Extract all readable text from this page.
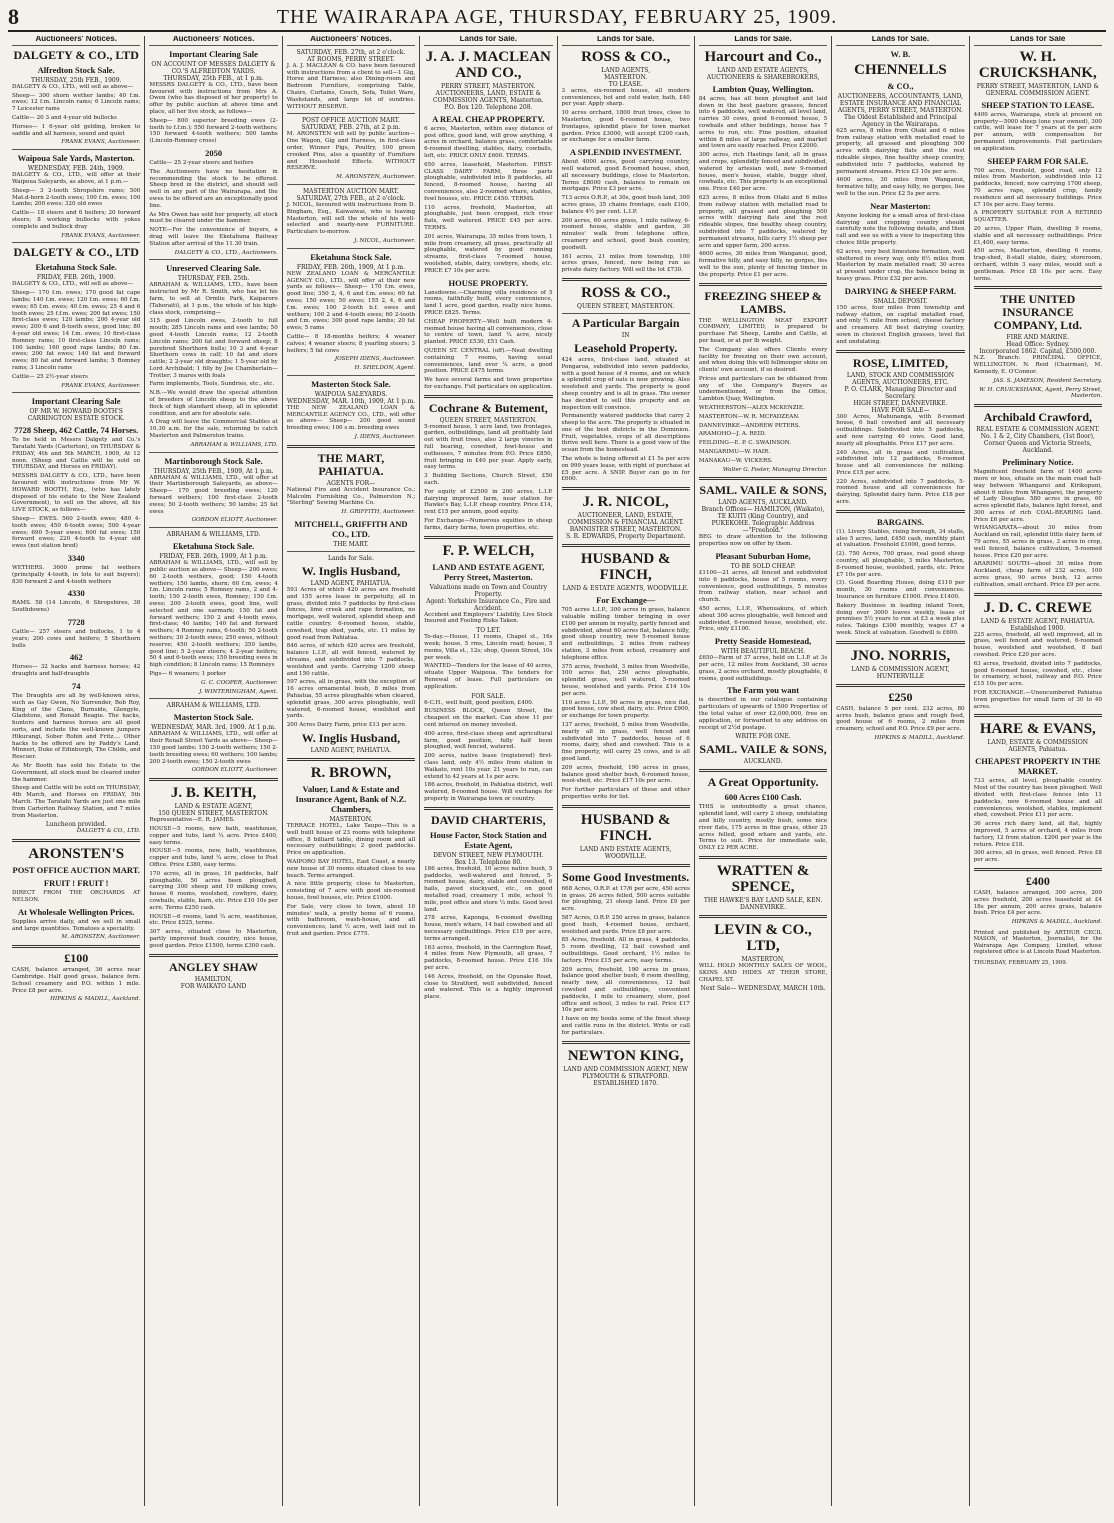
8	THE WAIRARAPA AGE, THURSDAY, FEBRUARY 25, 1909.
Auctioneers' Notices.
DALGETY & CO., LTD
Alfredton Stock Sale.
THURSDAY, 25th FEB., 1909.
DALGETY & CO., LTD., will sell as above—
Sheep— 300 shorn wether lambs; 40 f.m. ewes; 12 f.m. Lincoln rams; 6 Lincoln rams; 7 Leicester rams
Cattle— 20 3 and 4-year old bullocks
Horses— 1 6-year old gelding, broken to saddle and all harness, sound and quiet
FRANK EVANS, Auctioneer.
Waipoua Sale Yards, Masterton.
WEDNESDAY, FEB. 24th, 1909.
DALGETY & CO., LTD., will offer at their Waipoua Saleyards, as above, at 1 p.m.—
Sheep— 3 2-tooth Shropshire rams; 500 Mat.d-horn 2-tooth ewes; 100 f.m. ewes; 100 Lambs; 200 ewes; 320 old ewes
Cattle— 18 steers and 6 heifers; 20 forward steers; 8 working bullocks with yokes complete and bullock dray
FRANK EVANS, Auctioneer.
DALGETY & CO., LTD
Eketahuna Stock Sale.
FRIDAY, FEB. 26th, 1909.
DALGETY & CO., LTD., will sell as above—
Sheep— 170 f.m. ewes; 170 good fat cape lambs; 140 f.m. ewes; 120 f.m. ewes; 60 f.m. ewes; 65 f.m. ewes; 40 f.m. ewes; 25 4 and 6 tooth ewes; 25 f.f.m. ewes; 200 fat ewes; 150 first-class ewes; 120 lambs; 200 4-year old ewes; 200 6 and 8-tooth ewes, good line; 80 4-year old ewes; 14 f.m. ewes; 10 first-class Romney rams; 10 first-class Lincoln rams; 100 lambs; 160 good rape lambs; 80 f.m. ewes; 200 fat ewes; 140 fat and forward ewes; 80 fat and forward lambs; 5 Romney rams; 3 Lincoln rams
Cattle— 25 2½-year steers
FRANK EVANS, Auctioneer.
Important Clearing Sale
OF MR W. HOWARD BOOTH'S CARRINGTON ESTATE STOCK.
7728 Sheep, 462 Cattle, 74 Horses.
To be held in Messrs Dalgety and Co.'s Taratahi Yards (Carterton), on THURSDAY & FRIDAY, 4th and 5th MARCH, 1909, At 12 noon. (Sheep and Cattle will be sold on THURSDAY, and Horses on FRIDAY).
MESSRS DALGETY & CO., LTD., have been favoured with instructions from Mr W. HOWARD BOOTH, Esq., (who has lately disposed of his estate to the New Zealand Government), to sell on the above, all his LIVE STOCK, as follows—
Sheep— EWES. 560 2-tooth ewes; 480 4-tooth ewes; 450 6-tooth ewes; 500 4-year ewes; 690 5-year ewes; 600 fat ewes; 150 forward ewes; 220 4-tooth to 4-year old ewes (not station bred)
3340
WETHERS. 3600 prime fat wethers (principally 4-tooth, in lots to suit buyers); 830 forward 2 and 4-tooth wethers
4330
RAMS. 58 (14 Lincoln, 6 Shropshires, 38 Southdowns)
7728
Cattle— 257 steers and bullocks, 1 to 4 years; 200 cows and heifers; 5 Shorthorn bulls
462
Horses— 32 hacks and harness horses; 42 draughts and half-draughts
74
The Draughts are all by well-known sires, such as Gay Gwen, No Surrender, Bob Roy, King of the Clans, Burnside, Glengyle, Gladstone, and Ronald Reagie. The hacks, hunters and harness horses are all good sorts, and include the well-known jumpers Hikurangi, Sober Robin and Fritz.... Other hacks to be offered are by Paddy's Land, Minneri, Duke of Edinburgh, The Childe, and Rescuer.
As Mr Booth has sold his Estate to the Government, all stock must be cleared under the hammer.
Sheep and Cattle will be sold on THURSDAY, 4th March, and Horses on FRIDAY, 5th March. The Taratahi Yards are just one mile from Carterton Railway Station, and 7 miles from Masterton.
Luncheon provided.
DALGETY & CO., LTD.
ARONSTEN'S
POST OFFICE AUCTION MART.
FRUIT ! FRUIT !
DIRECT FROM THE ORCHARDS AT NELSON.
At Wholesale Wellington Prices.
Supplies arrive daily, and we sell in small and large quantities. Tomatoes a speciality.
M. ARONSTEN, Auctioneer.
£100
CASH, balance arranged, 36 acres near Cambridge. Half good grass, balance fern. School creamery and P.O. within 1 mile. Price £8 per acre.
HIPKINS & MADILL, Auckland.
Auctioneers' Notices.
Important Clearing Sale
ON ACCOUNT OF MESSES DALGETY & CO.'S ALFREDTON YARDS.
THURSDAY, 25th FEB., at 1 p.m.
MESSRS DALGETY & CO., LTD., have been favoured with instructions from Mrs A. Owen (who has disposed of her property) to offer by public auction at above time and place, all her live stock, as follows—
Sheep— 800 superior breeding ewes (2-tooth to f.f.m.); 550 forward 2-tooth wethers; 150 forward 4-tooth wethers; 500 lambs (Lincoln-Romney cross)
2050
Cattle— 25 2-year steers and heifers
The Auctioneers have no hesitation in recommending the stock to be offered. Sheep bred in the district, and should sell well in any part of the Wairarapa, and the ewes to be offered are an exceptionally good line.
As Mrs Owen has sold her property, all stock must be cleared under the hammer.
NOTE—For the convenience of buyers, a drag will leave the Eketahuna Railway Station after arrival of the 11.30 train.
DALGETY & CO., LTD., Auctioneers.
Unreserved Clearing Sale.
THURSDAY, FEB. 25th.
ABRAHAM & WILLIAMS, LTD., have been instructed by Mr R. Smith, who has let his farm, to sell at Ormlie Park, Kaiparoro (Tahoraiti), at 1 p.m., the whole of his high-class stock, comprising—
315 good Lincoln ewes, 2-tooth to full mouth; 285 Lincoln rams and ewe lambs; 50 good 4-tooth Lincoln rams; 12 2-tooth Lincoln rams; 200 fat and forward sheep; 8 purebred Shorthorn bulls; 10 3 and 4-year Shorthorn cows in calf; 10 fat and store cattle; 2 2-year old draughts; 1 5-year old by Lord Archibald; 1 filly by Joe Chamberlain—Trotter; 3 mares with foals
Farm implements, Tools, Sundries, etc., etc.
N.B.—We would draw the special attention of breeders of Lincoln sheep to the above flock of high standard sheep, all in splendid condition, and are for absolute sale.
A Drag will leave the Commercial Stables at 10.30 a.m. for the sale, returning to catch Masterton and Palmerston trains.
ABRAHAM & WILLIAMS, LTD.
Martinborough Stock Sale.
THURSDAY, 25th FEB., 1909, At 1 p.m.
ABRAHAM & WILLIAMS, LTD., will offer at their Martinborough Saleyards, as above— Sheep— 170 good breeding ewes; 120 forward wethers; 100 first-class 2-tooth ewes; 50 2-tooth wethers; 50 lambs; 25 fat ewes
GORDON ELIOTT, Auctioneer.
ABRAHAM & WILLIAMS, LTD.
Eketahuna Stock Sale.
FRIDAY, FEB. 26th, 1909, At 1 p.m.
ABRAHAM & WILLIAMS, LTD., will sell by public auction as above— Sheep— 200 ewes; 60 2-tooth wethers, good; 150 4-tooth wethers; 150 lambs, shorn; 60 f.m. ewes; 4 f.m. Lincoln rams; 5 Romney rams, 2 and 4-tooth; 150 2-tooth ewes, Romney; 150 f.m. ewes; 200 2-tooth ewes, good line, well selected and one earmark; 150 fat and forward wethers; 150 2 and 4-tooth ewes, first-class; 40 lambs; 140 fat and forward wethers; 4 Romney rams, 6-tooth; 50 2-tooth wethers; 30 2-tooth ewes; 250 ewes, without reserve; 450 2-tooth wethers; 350 lambs, good line; 5 2-year steers; 4 2-year heifers; 50 4 and 6-tooth ewes; 150 breeding ewes in high condition; 8 Lincoln rams; 15 Romneys
Pigs— 6 weaners; 1 porker
G. C. COOPER, Auctioneer.
J. WINTERINGHAM, Agent.
ABRAHAM & WILLIAMS, LTD.
Masterton Stock Sale.
WEDNESDAY, MAR. 3rd, 1909. At 1 p.m.
ABRAHAM & WILLIAMS, LTD., will offer at their Renall Street Yards as above— Sheep— 150 good lambs; 150 2-tooth wethers; 150 2-tooth breeding ewes; 60 wethers; 100 lambs; 200 2-tooth ewes; 150 2-tooth ewes
GORDON ELIOTT, Auctioneer.
J. B. KEITH,
LAND & ESTATE AGENT,
150 QUEEN STREET, MASTERTON.
Representative—E. R. JAMES.
HOUSE—5 rooms, new bath, washhouse, copper and tubs, land ¼ acre. Price £400, easy terms.
HOUSE—5 rooms, new, bath, washhouse, copper and tubs, land ¼ acre, close to Post Office. Price £380, easy terms.
170 acres, all in grass, 16 paddocks, half ploughable, 50 acres been ploughed, carrying 300 sheep and 10 milking cows, house 6 rooms, woolshed, cowbyre, dairy, cowbails, stable, barn, etc. Price £10 10s per acre. Terms £250 cash.
HOUSE—6 rooms, land ¼ acre, washhouse, etc. Price £525, terms.
307 acres, situated close to Masterton, partly improved bush country, nice house, good garden. Price £1500, terms £300 cash.
ANGLEY SHAW
HAMILTON,
FOR WAIKATO LAND
Auctioneers' Notices.
SATURDAY, FEB. 27th, at 2 o'clock.
AT ROOMS, PERRY STREET.
J. A. J. MACLEAN & CO. have been favoured with instructions from a client to sell—1 Gig, Horse and Harness; also Dining-room and Bedroom Furniture, comprising Table, Chairs, Curtains, Couch, Sofa, Toilet Ware, Washstands, and large lot of sundries. WITHOUT RESERVE.
POST OFFICE AUCTION MART. SATURDAY, FEB. 27th, at 2 p.m.
M. ARONSTEN will sell by public auction—One Wagon, Gig and Harness, in first-class order, Winner Pigs, Poultry, 100 green crooked Pins, also a quantity of Furniture and Household Effects. WITHOUT RESERVE.
M. ARONSTEN, Auctioneer.
MASTERTON AUCTION MART. SATURDAY, 27th FEB., at 2 o'clock.
J. NICOL, favoured with instructions from D. Bingham, Esq., Kaiwaiwai, who is leaving Masterton, will sell the whole of his well-selected and nearly-new FURNITURE. Particulars to-morrow.
J. NICOL, Auctioneer.
Eketahuna Stock Sale.
FRIDAY, FEB. 26th, 1909, At 1 p.m.
NEW ZEALAND LOAN & MERCANTILE AGENCY CO., LTD., will offer at their new yards as follows— Sheep— 170 f.m. ewes, good line; 350 2, 4, 6 and f.m. ewes; 60 fat ewes; 150 ewes; 50 ewes; 155 2, 4, 6 and f.m. ewes; 100 2-tooth b.f. ewes and wethers; 100 2 and 4-tooth ewes; 60 2-tooth and f.m. ewes; 300 good rape lambs; 20 fat ewes; 5 rams
Cattle— 8 18-months heifers; 4 weaner calves; 4 weaner steers; 8 yearling steers; 3 heifers; 5 fat cows
JOSEPH IDENS, Auctioneer.
H. SHELDON, Agent.
Masterton Stock Sale.
WAIPOUA SALEYARDS.
WEDNESDAY, MAR. 10th, 1909, At 1 p.m.
THE NEW ZEALAND LOAN & MERCANTILE AGENCY CO., LTD., will offer as above— Sheep— 200 good sound breeding ewes; 100 s.m. breeding ewes
J. IDENS, Auctioneer.
THE MART, PAHIATUA.
AGENTS FOR—
National Fire and Accident Insurance Co.; Malcolm Furnishing Co., Palmerston N.; "Sterling" Sewing Machine Co.
H. GRIFFITH, Auctioneer.
MITCHELL, GRIFFITH AND CO., LTD.
THE MART.
Lands for Sale.
W. Inglis Husband,
LAND AGENT, PAHIATUA.
593 Acres of which 420 acres are freehold and 155 acres lease in perpetuity, all in grass, divided into 7 paddocks by first-class fences, lime creek and rape formation, no mortgage, well watered, splendid sheep and cattle country. 6-roomed house, stable, cowshed, trap shed, yards, etc. 11 miles by good road from Pahiatua.
846 acres, of which 420 acres are freehold, balance L.I.P., all well fenced, watered by streams, and subdivided into 7 paddocks, woolshed and yards. Carrying 1200 sheep and 150 cattle.
597 acres, all in grass, with the exception of 16 acres ornamental bush, 8 miles from Pahiatua, 55 acres ploughable when cleared, splendid grass, 300 acres ploughable, well watered, 6-roomed house, woolshed and yards.
200 Acres Dairy Farm, price £13 per acre.
W. Inglis Husband,
LAND AGENT, PAHIATUA.
R. BROWN,
Valuer, Land & Estate and Insurance Agent, Bank of N.Z. Chambers,
MASTERTON.
TERRACE HOTEL, Lake Taupo—This is a well built house of 23 rooms with telephone office, 8 billiard table, dining room and all necessary outbuildings; 2 good paddocks. Price on application.
WAIPORO BAY HOTEL, East Coast, a nearly new house of 30 rooms situated close to sea beach. Terms arranged.
A nice little property, close to Masterton, consisting of 7 acre with good six-roomed house, fowl houses, etc. Price £1000.
For Sale, very close to town, about 10 minutes' walk, a pretty home of 6 rooms, with bathroom, wash-house, and all conveniences, land ½ acre, well laid out in fruit and garden. Price £775.
Lands for Sale.
J. A. J. MACLEAN AND CO.,
PERRY STREET, MASTERTON.
AUCTIONEERS, LAND, ESTATE & COMMISSION AGENTS, Masterton.
P.O. Box 120. Telephone 208.
A REAL CHEAP PROPERTY.
6 acres, Masterton, within easy distance of post office, good land, will grow anything, 4 acres in orchard, balance grass, comfortable 6-roomed dwelling, stables, dairy, cowbails, loft, etc. PRICE ONLY £600. TERMS.
650 acres, leasehold, Masterton. FIRST-CLASS DAIRY FARM, three parts ploughable, subdivided into 8 paddocks, all fenced, 8-roomed house, having all conveniences, also 2-roomed whare, stables, fowl houses, etc. PRICE £450. TERMS.
110 acres, freehold, Masterton, all ploughable, just been cropped, rich river flats, well watered. PRICE £45 per acre. TERMS.
201 acres, Wairarapa, 35 miles from town, 1 mile from creamery, all grass, practically all ploughable, watered by good running streams, first-class 7-roomed house, woolshed, stable, dairy, cowbyre, sheds, etc. PRICE £7 10s per acre.
HOUSE PROPERTY.
Lansdowne.—Charming villa residence of 5 rooms, faithfully built, every convenience, land 1 acre, good garden, really nice home. PRICE £825. Terms.
CHEAP PROPERTY—Well built modern 4-roomed house having all conveniences, close to centre of town, land ¼ acre, nicely planted. PRICE £530, £51 Cash.
QUEEN ST. CENTRAL (off).—Neat dwelling containing 7 rooms, having usual conveniences, land over ¼ acre, a good position. PRICE £475 terms.
We have several farms and town properties for exchange. Full particulars on application.
Cochrane & Butement,
QUEEN STREET, MASTERTON.
5-roomed house, 1 acre land, two frontages, garden, outbuildings, land all profitably laid out with fruit trees, also 2 large vineries in full bearing, cowshed, fowl-house and outhouses, 7 minutes from P.O. Price £850, fruit bringing in £40 per year. Apply early, easy terms.
3 Building Sections, Church Street, £50 each.
For equity of £2500 in 200 acres, L.I.P. dairying improved farm, near station for Hawke's Bay, L.I.P. cheap country. Price £14, rent £15 per annum, good equity.
For Exchange—Numerous equities in sheep farms, dairy farms, town properties, etc.
F. P. WELCH,
LAND AND ESTATE AGENT, Perry Street, Masterton.
Valuations made on Town and Country Property.
Agent: Yorkshire Insurance Co., Fire and Accident.
Accident and Employers' Liability, Live Stock Insured and Fooling Risks Taken.
TO LET.
To-day.—House, 11 rooms, Chapel st., 16s week; house, 5 rms, Lincoln road; house, 5 rooms, Villa st., 12s; shop, Queen Street, 10s per week.
WANTED—Tenders for the lease of 40 acres, situate Upper Waipoua. The tenders for Renewal of lease. Full particulars on application.
FOR SALE.
6-C.H., well built, good position, £400.
BUSINESS BLOCK, Queen Street, the cheapest on the market. Can show 11 per cent interest on money invested.
400 acres, first-class sheep and agricultural farm, good position, fully half been ploughed, well fenced, watered.
200 acres, native lease (registered) first-class land, only 4½ miles from station in Waikato, rent 10s year. 21 years to run, can extend to 42 years at 1s per acre.
186 acres, freehold, in Pahiatua district, well watered, 8-roomed house. Will exchange for property in Wairarapa town or country.
DAVID CHARTERIS,
House Factor, Stock Station and Estate Agent,
DEVON STREET, NEW PLYMOUTH.
Box 13. Telephone 80.
186 acres, freehold, 10 acres native bush, 5 paddocks, well-watered and fenced, 5-roomed house, dairy, stable and cowshed, 6 bails, paved stockyard, etc., on good metalled road, creamery 1 mile, school ½ mile, post office and store ¼ mile. Good level land.
278 acres, Kaponga, 6-roomed dwelling house, men's whare, 14 bail cowshed and all necessary outbuildings. Price £19 per acre, terms arranged.
163 acres, freehold, in the Carrington Road, 4 miles from New Plymouth, all grass, 7 paddocks, 8-roomed house. Price £16 10s per acre.
146 Acres, freehold, on the Opunake Road, close to Stratford, well subdivided, fenced and watered. This is a highly improved place.
Lands for Sale.
ROSS & CO.,
LAND AGENTS,
MASTERTON.
TO LEASE.
3 acres, six-roomed house, all modern conveniences, hot and cold water, bath, £40 per year. Apply sharp.
10 acres orchard, 1800 fruit trees, close to Masterton, good 6-roomed house, two frontages, splendid place for town market garden. Price £3000, will accept £200 cash, or exchange for a smaller farm.
A SPLENDID INVESTMENT.
About 4000 acres, good carrying country, well watered, good 8-roomed house, shed, all necessary buildings, close to Masterton. Terms £8000 cash, balance to remain on mortgage. Price £3 per acre.
713 acres O.R.P., at 30s, good bush land, 300 acres grass, 35 chains frontage, cash £100, balance 4½ per cent. L.I.P.
200 acres, 60 acres grass, 1 mile railway, 6-roomed house, stable and garden, 30 minutes' walk from telephone office, creamery and school, good bush country, goodwill.
161 acres, 21 miles from township, 100 acres grass, fenced, now being run as private dairy factory. Will sell the lot £730.
ROSS & CO.,
QUEEN STREET, MASTERTON.
A Particular Bargain
IN
Leasehold Property.
424 acres, first-class land, situated at Pongaroa, subdivided into seven paddocks, with a good house of 4 rooms, and on which a splendid crop of oats is now growing. Also woolshed and yards. The property is good sheep country and is all in grass. The owner has decided to sell this property and an inspection will convince.
Permanently watered paddocks that carry 2 sheep to the acre. The property is situated in one of the best districts in the Dominion. Fruit, vegetables, crops of all descriptions thrive well here. There is a good view of the ocean from the homestead.
The whole is being offered at £1 5s per acre on 999 years lease, with right of purchase at £5 per acre. A SNIP. Buyer can go in for £600.
J. R. NICOL,
AUCTIONEER, LAND, ESTATE, COMMISSION & FINANCIAL AGENT.
BANNISTER STREET, MASTERTON.
S. R. EDWARDS, Property Department.
HUSBAND & FINCH,
LAND & ESTATE AGENTS, WOODVILLE.
For Exchange—
705 acres L.I.P., 300 acres in grass, balance valuable milling timber bringing in over £100 per annum in royalty, partly fenced and subdivided, about 60 acres flat, balance hilly, good sheep country, new 5-roomed house and outbuildings, 2 miles from railway station, 3 miles from school, creamery and telephone office.
375 acres, freehold, 3 miles from Woodville, 100 acres flat, 250 acres ploughable, splendid grass, well watered, 5-roomed house, woolshed and yards. Price £14 10s per acre.
110 acres L.I.P., 90 acres in grass, nice flat, good house, cow shed, dairy, etc. Price £900, or exchange for town property.
137 acres, freehold, 5 miles from Woodville, nearly all in grass, well fenced and subdivided into 7 paddocks, house of 6 rooms, dairy, shed and cowshed. This is a fine property, will carry 25 cows, and is all good land.
209 acres, freehold, 190 acres in grass, balance good shelter bush, 6-roomed house, wool-shed, etc. Price £17 10s per acre.
For further particulars of these and other properties write for list.
HUSBAND & FINCH.
LAND AND ESTATE AGENTS, WOODVILLE.
Some Good Investments.
668 Acres, O.R.P. at 17/6 per acre, 450 acres in grass, 26 acres felled, 500 acres suitable for ploughing, 21 sheep land. Price £9 per acre.
587 Acres, O.R.P. 250 acres in grass, balance good bush, 4-roomed house, orchard, woolshed and yards. Price £8 per acre.
85 Acres, freehold. All in grass, 4 paddocks, 5 room dwelling, 12 bail cowshed and outbuildings. Good orchard, 1½ miles to factory. Price £15 per acre, easy terms.
209 acres, freehold, 190 acres in grass, balance good shelter bush, 6 room dwelling, nearly new, all conveniences, 12 bail cowshed and outbuildings, convenient paddocks, 1 mile to creamery, store, post office and school, 3 miles to rail. Price £17 10s per acre.
I have on my books some of the finest sheep and cattle runs in the district. Write or call for particulars.
NEWTON KING,
LAND AND COMMISSION AGENT, NEW PLYMOUTH & STRATFORD.
ESTABLISHED 1870.
Lands for Sale.
Harcourt and Co.,
LAND AND ESTATE AGENTS, AUCTIONEERS & SHAREBROKERS,
Lambton Quay, Wellington.
84 acres, has all been ploughed and laid down in the best pasture grasses, fenced into 4 paddocks, well watered, all level land, carries 30 cows, good 6-roomed house, 5 cowbails and other buildings, house has 7 acres to run, etc. Fine position, situated within 8 miles of large railway, and market and town are easily reached. Price £2000.
300 acres, rich Hastings land, all in grass and crops, splendidly fenced and subdivided, watered by artesian well, new 9-roomed house, men's house, stable, buggy shed, cowbails, etc. This property is an exceptional one. Price £40 per acre.
625 acres, 8 miles from Otaki and 6 miles from railway station with metalled road to property, all grassed and ploughing 500 acres with dairying flats and the rest rideable slopes, fine healthy sheep country, subdivided into 7 paddocks, watered by permanent streams, hills carry 1½ sheep per acre and upper farm, 200 acres.
4600 acres, 30 miles from Wanganui, good, formative hilly, and easy hilly, no gorges, lies well to the sun, plenty of fencing timber in the property. Price £1 per acre.
FREEZING SHEEP & LAMBS.
THE WELLINGTON MEAT EXPORT COMPANY, LIMITED, is prepared to purchase Fat Sheep, Lambs and Cattle, at per head, or at per lb weight.
The Company also offers Clients every facility for freezing on their own account, and when doing this will fellmonger skins on clients' own account, if so desired.
Prices and particulars can be obtained from any of the Company's Buyers as undermentioned, or from the Office, Lambton Quay, Wellington.
WEATHERSTON—ALEX MCKENZIE.
MASTERTON—W. R. MCFADZEAN.
DANNEVIRKE—ANDREW PETERS.
ARAMOHO—J. A. REID.
FEILDING—E. P. C. SWAINSON.
MANGARIMU—W. HAIR.
MANAKAU—W. VICKERS.
Walter G. Foster, Managing Director.
SAML. VAILE & SONS,
LAND AGENTS, AUCKLAND.
Branch Offices— HAMILTON, (Waikato), TE KUITI (King Country), and PUKEKOHE. Telegraphic Address—"Freehold."
BEG to draw attention to the following properties now on offer by them.
Pleasant Suburban Home,
TO BE SOLD CHEAP.
£1100—21 acres, all fenced and subdivided into 6 paddocks, house of 5 rooms, every convenience, good outbuildings, 5 minutes from railway station, near school and church.
450 acres, L.I.P., Whenuakura, of which about 300 acres ploughable, well fenced and subdivided, 6-roomed house, woolshed, etc. Price, only £1100.
Pretty Seaside Homestead,
WITH BEAUTIFUL BEACH.
£650—Farm of 37 acres, held on L.I.P. at 3s per acre, 12 miles from Auckland, 30 acres grass, 2 acres orchard, mostly ploughable, 6 rooms, good outbuildings.
The Farm you want
is described in our catalogue containing particulars of upwards of 1500 Properties of the total value of over £2,000,000, free on application, or forwarded to any address on receipt of 2½d postage.
WRITE FOR ONE.
SAML. VAILE & SONS,
AUCKLAND.
A Great Opportunity.
600 Acres £100 Cash.
THIS is undoubtedly a great chance, splendid land, will carry 2 sheep, undulating and hilly country, mostly bush, some nice river flats, 175 acres in fine grass, other 25 acres felled, good whare and yards, etc. Terms to suit. Price for immediate sale, ONLY £2 PER ACRE.
WRATTEN & SPENCE,
THE HAWKE'S BAY LAND SALE, KEN. DANNEVIRKE.
LEVIN & CO., LTD,
MASTERTON,
WILL HOLD MONTHLY SALES OF WOOL, SKINS AND HIDES AT THEIR STORE, CHAPEL ST.
Next Sale— WEDNESDAY, MARCH 10th.
Lands for Sale.
W. B.
CHENNELLS
& CO.,
AUCTIONEERS, ACCOUNTANTS, LAND, ESTATE INSURANCE AND FINANCIAL AGENTS, PERRY STREET, MASTERTON.
The Oldest Established and Principal Agency in the Wairarapa.
625 acres, 8 miles from Otaki and 6 miles from railway station with metalled road to property, all grassed and ploughing 500 acres with dairying flats and the rest rideable slopes, fine healthy sheep country, subdivided into 7 paddocks, watered by permanent streams. Price £3 10s per acre.
4600 acres, 30 miles from Wanganui, formative hilly, and easy hilly, no gorges, lies well to the sun. Price £2 5s per acre.
Near Masterton:
Anyone looking for a small area of first-class dairying and cropping country should carefully note the following details, and then call and see us with a view to inspecting this choice little property.
62 acres, very best limestone formation, well sheltered in every way, only 6½ miles from Masterton by main metalled road; 30 acres at present under crop, the balance being in heavy grass. Price £32 per acre.
DAIRYING & SHEEP FARM.
SMALL DEPOSIT.
150 acres, four miles from township and railway station, on capital metalled road, and only ½ mile from school, cheese factory and creamery. All best dairying country, sown in choicest English grasses, level flat and undulating.
ROSE, LIMITED,
LAND, STOCK AND COMMISSION AGENTS, AUCTIONEERS, ETC.
P. O. CLARK, Managing Director and Secretary.
HIGH STREET, DANNEVIRKE.
HAVE FOR SALE—
300 Acres, Mahunanga, with 8-roomed house, 6 bail cowshed and all necessary outbuildings. Subdivided into 5 paddocks, and now carrying 40 cows. Good land, nearly all ploughable. Price £17 per acre.
240 Acres, all in grass and cultivation, subdivided into 12 paddocks, 6-roomed house and all conveniences for milking. Price £15 per acre.
220 Acres, subdivided into 7 paddocks, 5-roomed house and all conveniences for dairying. Splendid dairy farm. Price £18 per acre.
BARGAINS.
(1). Livery Stables, rising borough, 34 stalls, also 5 acres, land, £450 cash, monthly plant at valuation. Freehold £1000, good terms.
(2). 750 Acres, 700 grass, real good sheep country, all ploughable, 3 miles Masterton, 8-roomed house, woolshed, yards, etc. Price £7 10s per acre.
(3). Good Boarding House, doing £110 per month, 30 rooms and conveniences. Insurance on furniture £1000. Price £1400.
Bakery Business in leading inland Town, doing over 3000 loaves weekly, lease of premises 5½ years to run at £3 a week plus rates. Takings £300 monthly, wages £7 a week. Stock at valuation. Goodwill is £600.
JNO. NORRIS,
LAND & COMMISSION AGENT, HUNTERVILLE
£250
CASH, balance 5 per cent. 232 acres, 80 acres bush, balance grass and rough feed, good house of 6 rooms, 2 miles from creamery, school and P.O. Price £9 per acre.
HIPKINS & MADILL, Auckland.
Lands for Sale
W. H. CRUICKSHANK,
PERRY STREET, MASTERTON, LAND & GENERAL COMMISSION AGENT.
SHEEP STATION TO LEASE.
4400 acres, Wairarapa, stock at present on property—5000 sheep (one year owned), 300 cattle, will lease for 7 years at 6s per acre per annum, with compensation for permanent improvements. Full particulars on application.
SHEEP FARM FOR SALE.
700 acres, freehold, good road, only 12 miles from Masterton, subdivided into 12 paddocks, fenced, now carrying 1700 sheep, 70 acres rape, splendid crop, family residence and all necessary buildings. Price £7 10s per acre. Easy terms.
A PROPERTY SUITABLE FOR A RETIRED SQUATTER.
20 acres, Upper Plain, dwelling 9 rooms, stable and all necessary outbuildings. Price £1,400, easy terms.
450 acres, Masterton, dwelling 6 rooms, trap-shed, 8-stall stable, dairy, storeroom, orchard, within 3 easy miles, would suit a gentleman. Price £8 10s per acre. Easy terms.
THE UNITED INSURANCE COMPANY, Ltd.
FIRE AND MARINE.
Head Office: Sydney.
Incorporated 1862. Capital, £500,000.
N.Z. Branch: PRINCIPAL OFFICE, WELLINGTON. N. Reid (Chairman), M. Kennedy, E. O'Connor.
JAS. S. JAMESON, Resident Secretary.
W. H. CRUICKSHANK, Agent, Perry Street, Masterton.
Archibald Crawford,
REAL ESTATE & COMMISSION AGENT.
No. 1 & 2, City Chambers, (1st floor), Corner Queen and Victoria Streets, Auckland.
Preliminary Notice.
Magnificent freehold farm of 1400 acres more or less, situate on the main road half-way between Whangarei and Kirikopuni, about 6 miles from Whangarei, the property of Lady Douglas. 580 acres in grass, 60 acres splendid flats, balance light forest, and 300 acres of rich COAL-BEARING land. Price £6 per acre.
WHANGARATA—about 30 miles from Auckland on rail, splendid little dairy farm of 79 acres, 55 acres in grass, 3 acres in crop, well fenced, balance cultivation, 5-roomed house. Price £20 per acre.
ARARIMU SOUTH—about 30 miles from Auckland, cheap farm of 232 acres, 100 acres grass, 90 acres bush, 12 acres cultivation, small orchard. Price £9 per acre.
J. D. C. CREWE
LAND & ESTATE AGENT, PAHIATUA.
Established 1900.
225 acres, freehold, all well improved, all in grass, well fenced and watered, 6-roomed house, woolshed and woolshed, 8 bail cowshed. Price £20 per acre.
63 acres, freehold, divided into 7 paddocks, good 6-roomed house, cowshed, etc., close to creamery, school, railway and P.O. Price £15 10s per acre.
FOR EXCHANGE.—Unencumbered Pahiatua town properties for small farm of 30 to 40 acres.
HARE & EVANS,
LAND, ESTATE & COMMISSION AGENTS, Pahiatua.
CHEAPEST PROPERTY IN THE MARKET.
733 acres, all level, ploughable country. Most of the country has been ploughed. Well divided with first-class fences into 11 paddocks, new 6-roomed house and all conveniences, woolshed, stables, implement shed, cowshed. Price £11 per acre.
36 acres rich dairy land, all flat, highly improved, 5 acres of orchard, 4 miles from factory, 12 from station. £200 per year is the return. Price £18.
300 acres, all in grass, well fenced. Price £8 per acre.
£400
CASH, balance arranged, 300 acres, 200 acres freehold, 200 acres leasehold at £4 18s per annum, 200 acres grass, balance bush. Price £4 per acre.
HIPKINS & MADILL, Auckland.
Printed and published by ARTHUR CECIL MASON, of Masterton, Journalist, for the Wairarapa Age Company, Limited, whose registered office is at Lincoln Road Masterton.
THURSDAY, FEBRUARY 25, 1909.
